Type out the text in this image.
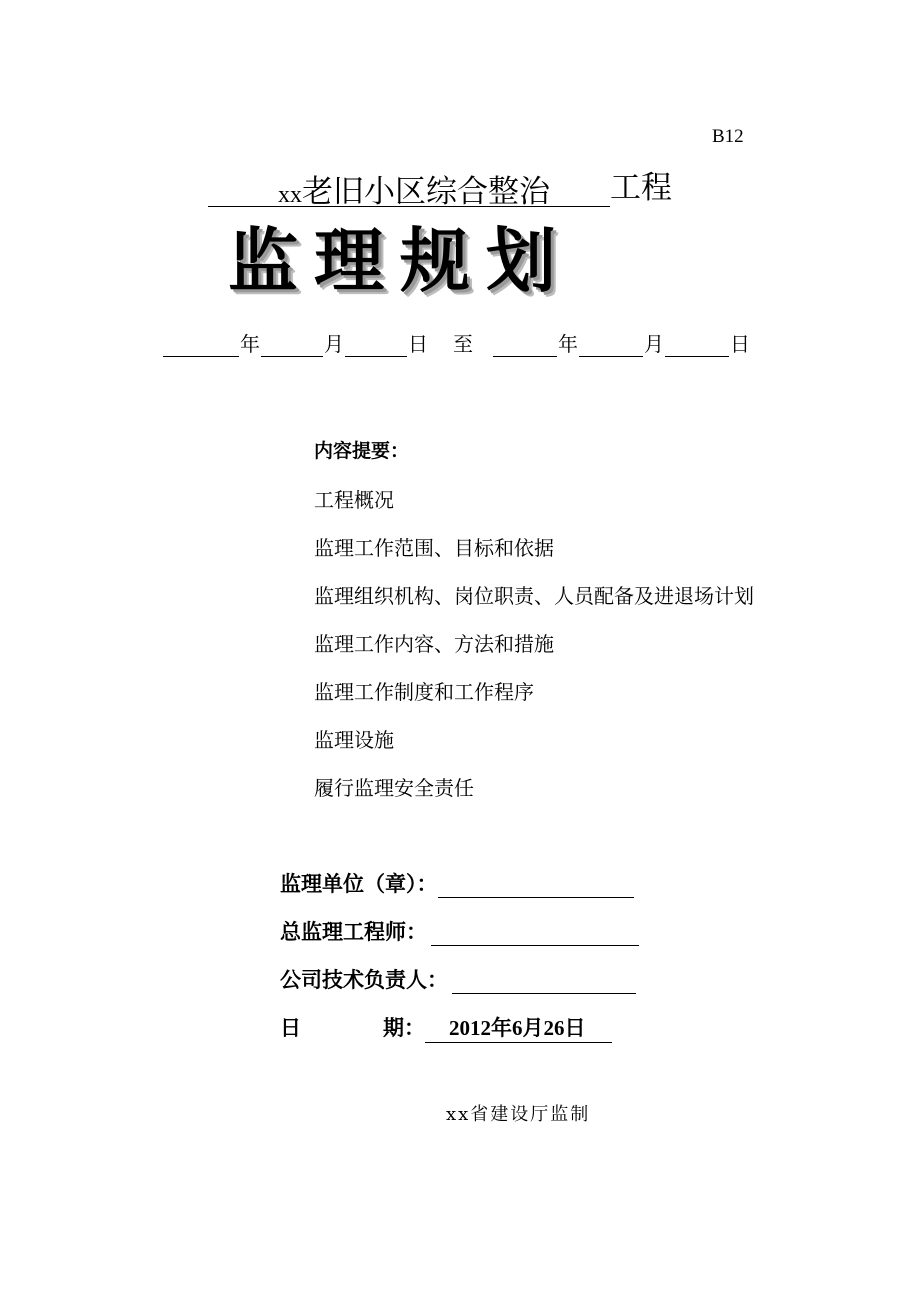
B12
xx老旧小区综合整治 工程
监理规划
年	月	日 至	年	月	日
内容提要：
工程概况
监理工作范围、目标和依据
监理组织机构、岗位职责、人员配备及进退场计划
监理工作内容、方法和措施
监理工作制度和工作程序
监理设施
履行监理安全责任
监理单位（章）：
总监理工程师：
公司技术负责人：
日	期： 2012年6月26日
xx省建设厅监制
